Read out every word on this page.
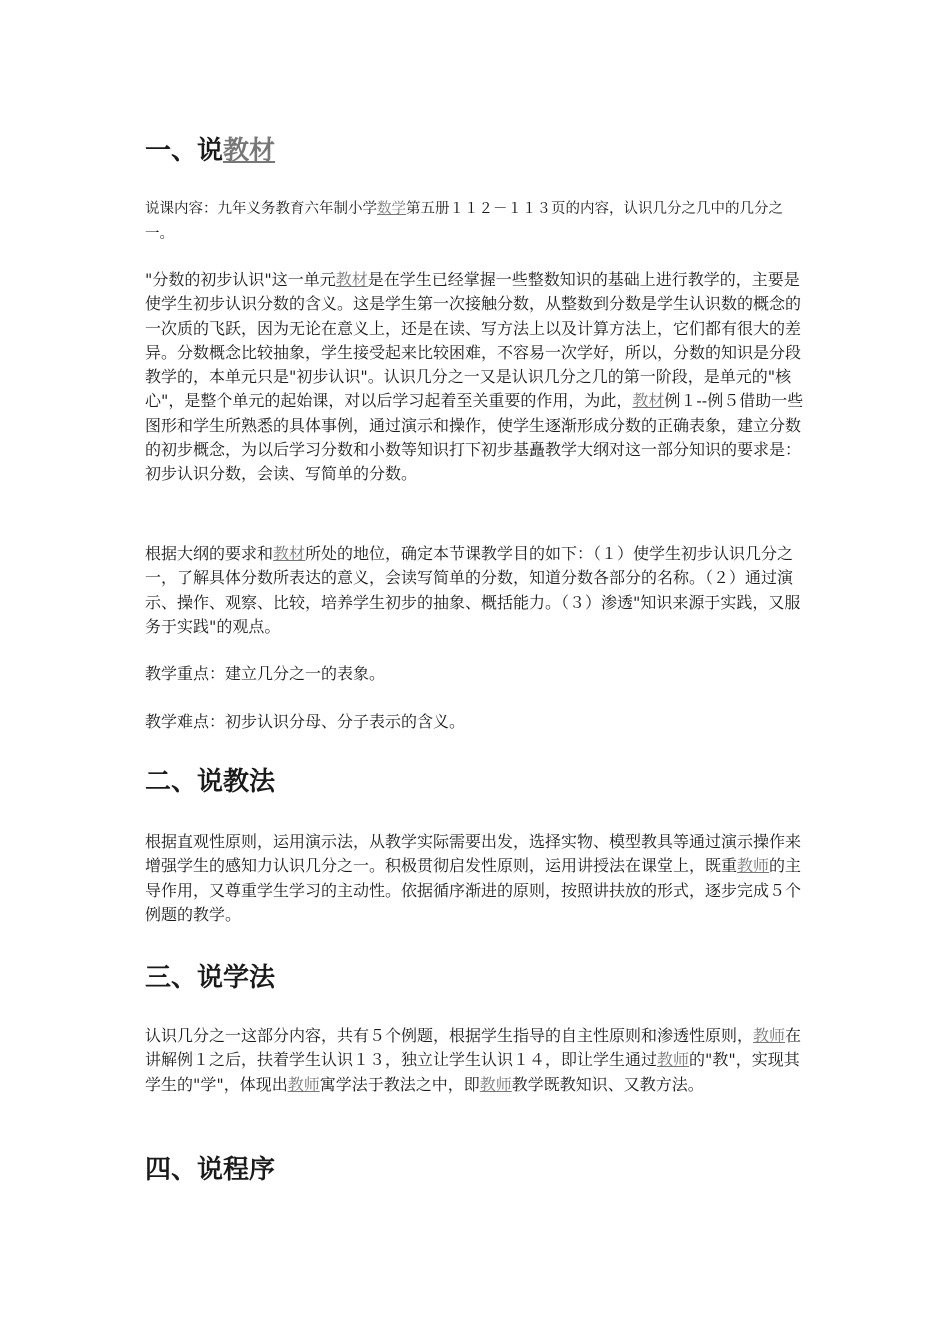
一、说教材

说课内容：九年义务教育六年制小学数学第五册１１２－１１３页的内容，认识几分之几中的几分之一。

"分数的初步认识"这一单元教材是在学生已经掌握一些整数知识的基础上进行教学的，主要是使学生初步认识分数的含义。这是学生第一次接触分数，从整数到分数是学生认识数的概念的一次质的飞跃，因为无论在意义上，还是在读、写方法上以及计算方法上，它们都有很大的差异。分数概念比较抽象，学生接受起来比较困难，不容易一次学好，所以，分数的知识是分段教学的，本单元只是"初步认识"。认识几分之一又是认识几分之几的第一阶段，是单元的"核心"，是整个单元的起始课，对以后学习起着至关重要的作用，为此，教材例１--例５借助一些图形和学生所熟悉的具体事例，通过演示和操作，使学生逐渐形成分数的正确表象，建立分数的初步概念，为以后学习分数和小数等知识打下初步基矗教学大纲对这一部分知识的要求是：初步认识分数，会读、写简单的分数。

根据大纲的要求和教材所处的地位，确定本节课教学目的如下：（１）使学生初步认识几分之一，了解具体分数所表达的意义，会读写简单的分数，知道分数各部分的名称。（２）通过演示、操作、观察、比较，培养学生初步的抽象、概括能力。（３）渗透"知识来源于实践，又服务于实践"的观点。

教学重点：建立几分之一的表象。

教学难点：初步认识分母、分子表示的含义。

二、说教法

根据直观性原则，运用演示法，从教学实际需要出发，选择实物、模型教具等通过演示操作来增强学生的感知力认识几分之一。积极贯彻启发性原则，运用讲授法在课堂上，既重教师的主导作用，又尊重学生学习的主动性。依据循序渐进的原则，按照讲扶放的形式，逐步完成５个例题的教学。

三、说学法

认识几分之一这部分内容，共有５个例题，根据学生指导的自主性原则和渗透性原则，教师在讲解例１之后，扶着学生认识１３，独立让学生认识１４，即让学生通过教师的"教"，实现其学生的"学"，体现出教师寓学法于教法之中，即教师教学既教知识、又教方法。

四、说程序
